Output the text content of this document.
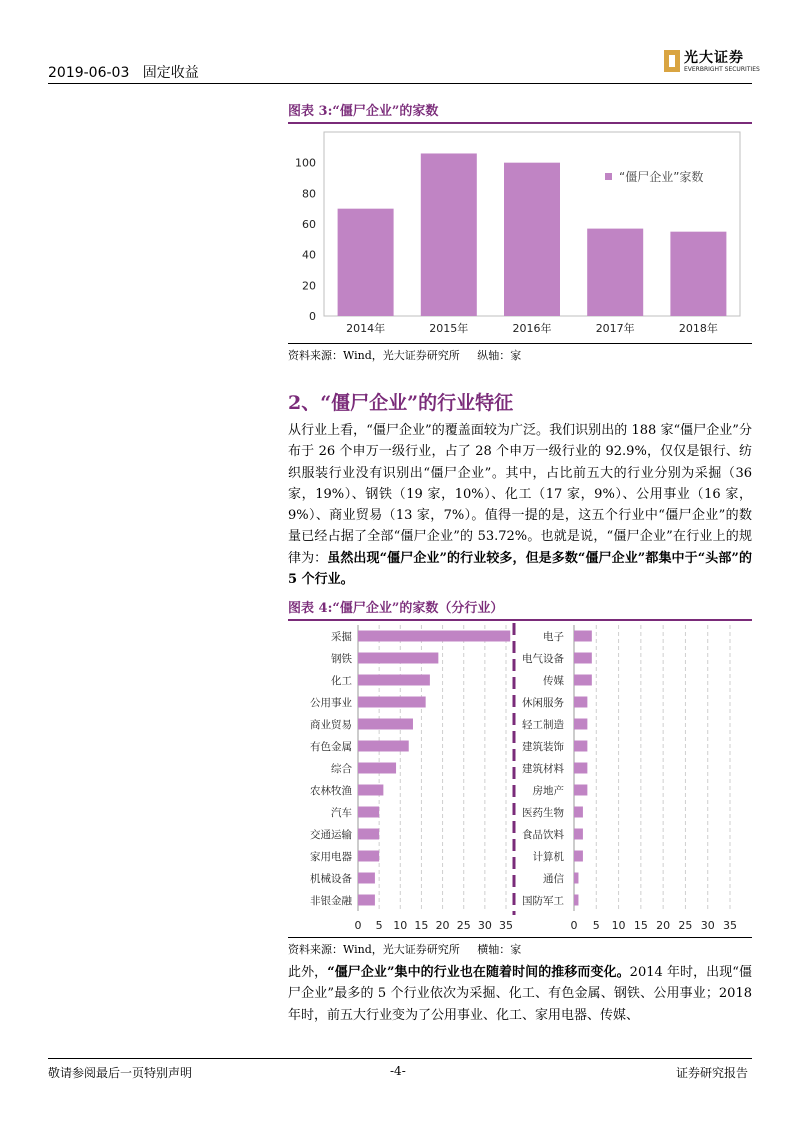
2019-06-03 固定收益
光大证券
EVERBRIGHT SECURITIES
图表 3:“僵尸企业”的家数
0
20
40
60
80
100
2014年	2015年	2016年	2017年	2018年
“僵尸企业”家数
资料来源：Wind，光大证券研究所 纵轴：家
2、“僵尸企业”的行业特征
从行业上看，“僵尸企业”的覆盖面较为广泛。我们识别出的 188 家“僵尸企业”分布于 26 个申万一级行业，占了 28 个申万一级行业的 92.9%，仅仅是银行、纺织服装行业没有识别出“僵尸企业”。其中，占比前五大的行业分别为采掘（36 家，19%）、钢铁（19 家，10%）、化工（17 家，9%）、公用事业（16 家，9%）、商业贸易（13 家，7%）。值得一提的是，这五个行业中“僵尸企业”的数量已经占据了全部“僵尸企业”的 53.72%。也就是说，“僵尸企业”在行业上的规律为：虽然出现“僵尸企业”的行业较多，但是多数“僵尸企业”都集中于“头部”的 5 个行业。
图表 4:“僵尸企业”的家数（分行业）
0 5 10 15 20 25 30 35
采掘
钢铁
化工
公用事业
商业贸易
有色金属
综合
农林牧渔
汽车
交通运输
家用电器
机械设备
非银金融
0 5 10 15 20 25 30 35
电子
电气设备
传媒
休闲服务
轻工制造
建筑装饰
建筑材料
房地产
医药生物
食品饮料
计算机
通信
国防军工
资料来源：Wind，光大证券研究所 横轴：家
此外，“僵尸企业”集中的行业也在随着时间的推移而变化。2014 年时，出现“僵尸企业”最多的 5 个行业依次为采掘、化工、有色金属、钢铁、公用事业；2018 年时，前五大行业变为了公用事业、化工、家用电器、传媒、
敬请参阅最后一页特别声明	-4-	证券研究报告
